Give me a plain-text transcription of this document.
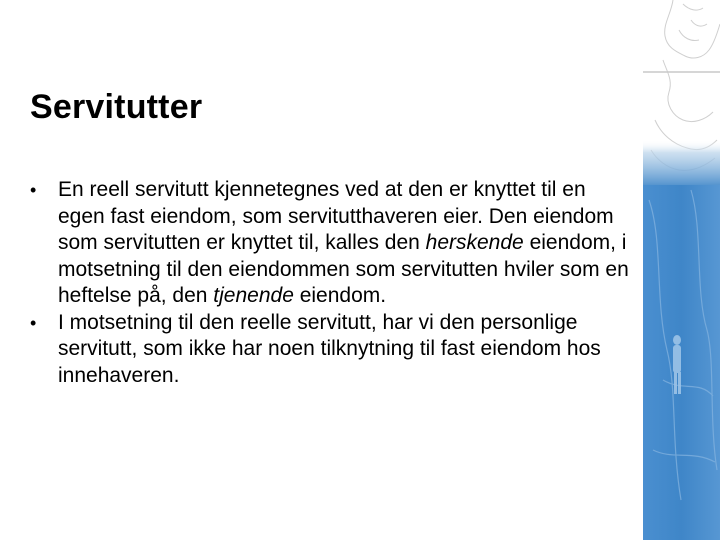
Servitutter
•	En reell servitutt kjennetegnes ved at den er knyttet til en egen fast eiendom, som servitutthaveren eier. Den eiendom som servitutten er knyttet til, kalles den herskende eiendom, i motsetning til den eiendommen som servitutten hviler som en heftelse på, den tjenende eiendom.
•	I motsetning til den reelle servitutt, har vi den personlige servitutt, som ikke har noen tilknytning til fast eiendom hos innehaveren.
